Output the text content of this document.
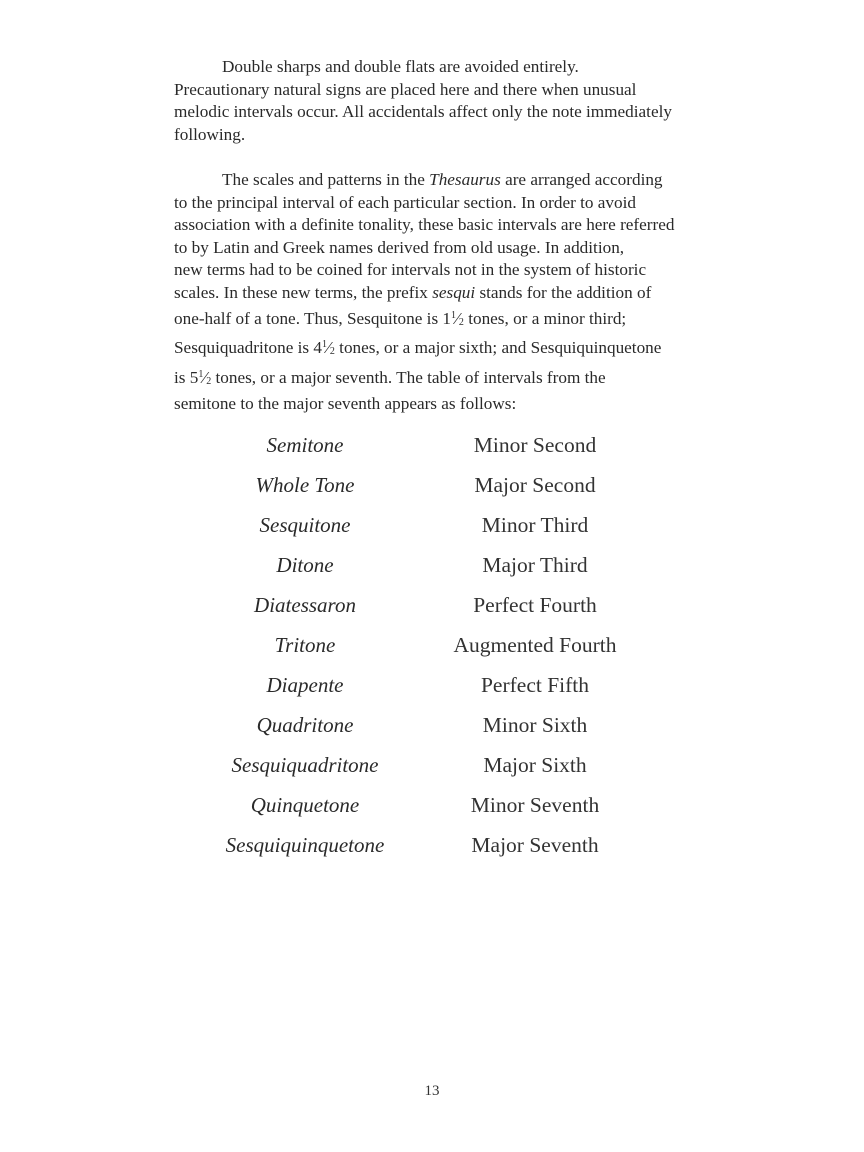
Double sharps and double flats are avoided entirely.
Precautionary natural signs are placed here and there when unusual
melodic intervals occur. All accidentals affect only the note immediately
following.
The scales and patterns in the Thesaurus are arranged according
to the principal interval of each particular section. In order to avoid
association with a definite tonality, these basic intervals are here referred
to by Latin and Greek names derived from old usage. In addition,
new terms had to be coined for intervals not in the system of historic
scales. In these new terms, the prefix sesqui stands for the addition of
one-half of a tone. Thus, Sesquitone is $1^1⁄_2$ tones, or a minor third;
Sesquiquadritone is $4^1⁄_2$ tones, or a major sixth; and Sesquiquinquetone
is $5^1⁄_2$ tones, or a major seventh. The table of intervals from the
semitone to the major seventh appears as follows:
Semitone	Minor Second
Whole Tone	Major Second
Sesquitone	Minor Third
Ditone	Major Third
Diatessaron	Perfect Fourth
Tritone	Augmented Fourth
Diapente	Perfect Fifth
Quadritone	Minor Sixth
Sesquiquadritone	Major Sixth
Quinquetone	Minor Seventh
Sesquiquinquetone	Major Seventh
13
